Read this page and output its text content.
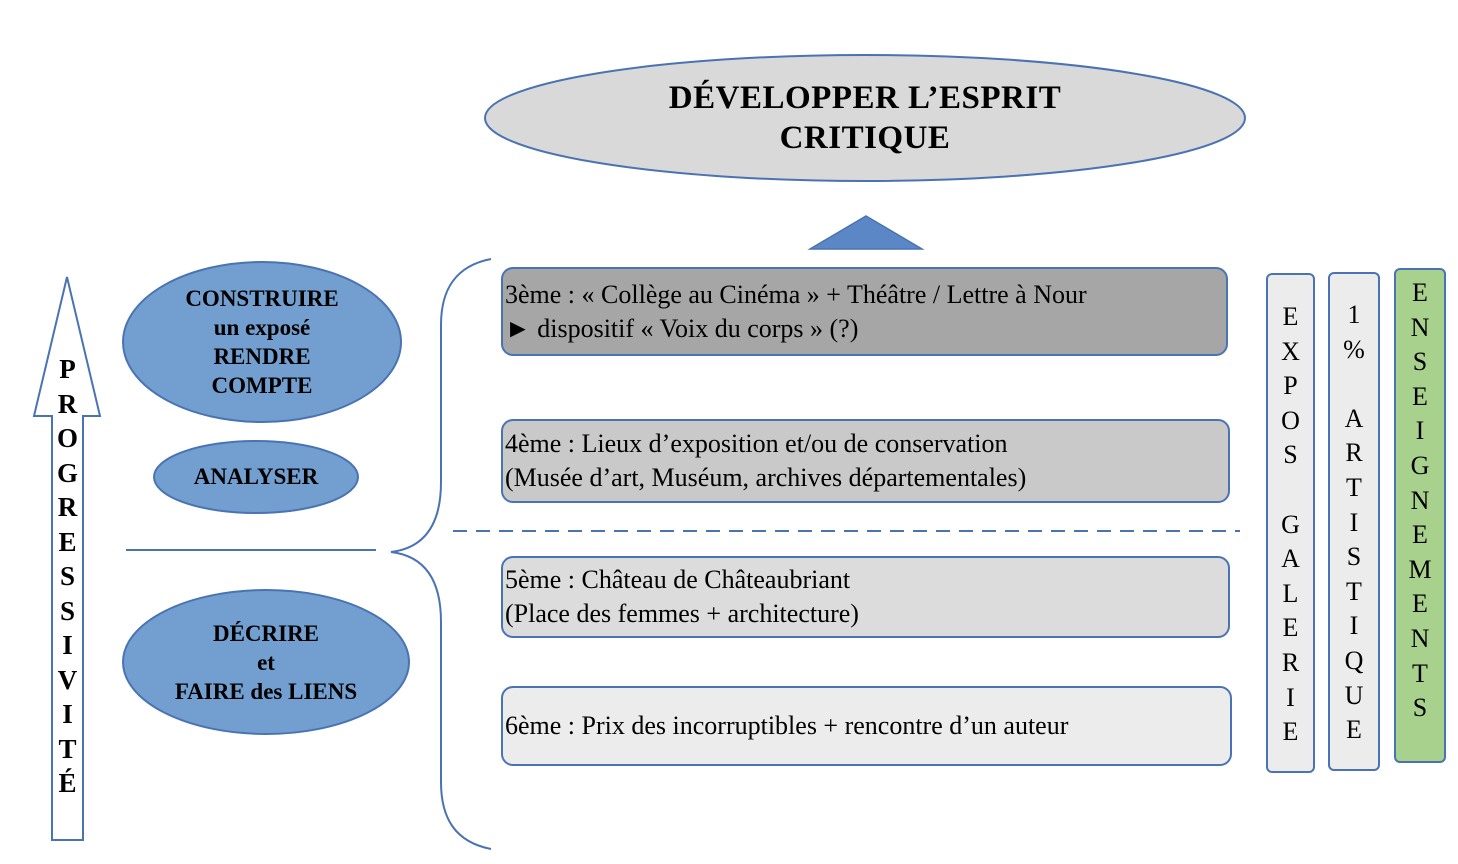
DÉVELOPPER L’ESPRIT
CRITIQUE
P
R
O
G
R
E
S
S
I
V
I
T
É
CONSTRUIRE
un exposé
RENDRE
COMPTE
ANALYSER
DÉCRIRE
et
FAIRE des LIENS
3ème : « Collège au Cinéma » + Théâtre / Lettre à Nour
► dispositif « Voix du corps » (?)
4ème : Lieux d’exposition et/ou de conservation
(Musée d’art, Muséum, archives départementales)
5ème : Château de Châteaubriant
(Place des femmes + architecture)
6ème : Prix des incorruptibles + rencontre d’un auteur
E
X
P
O
S

G
A
L
E
R
I
E
1
%

A
R
T
I
S
T
I
Q
U
E
E
N
S
E
I
G
N
E
M
E
N
T
S
